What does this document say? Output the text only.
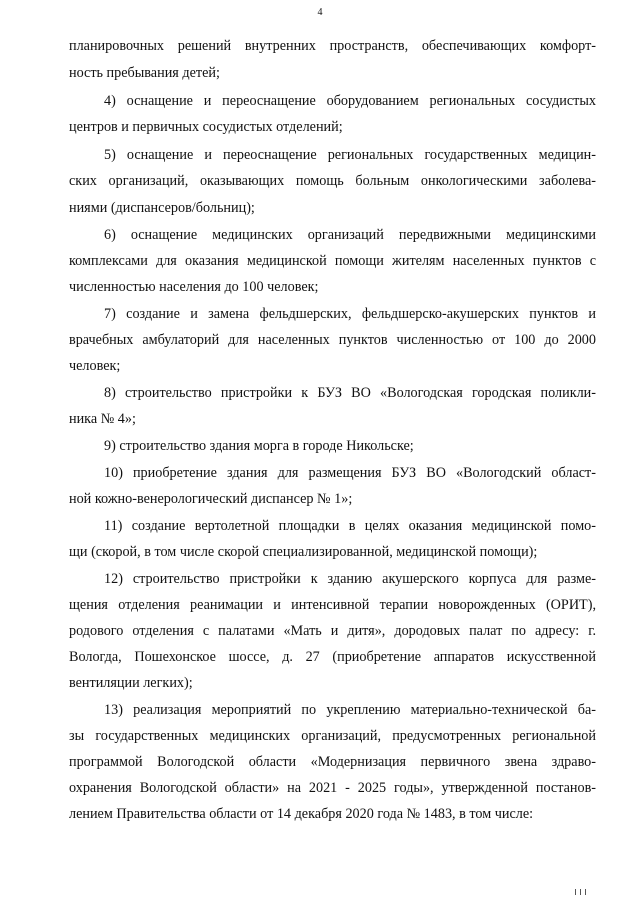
4
планировочных решений внутренних пространств, обеспечивающих комфорт-
ность пребывания детей;
4) оснащение и переоснащение оборудованием региональных сосудистых
центров и первичных сосудистых отделений;
5) оснащение и переоснащение региональных государственных медицин-
ских организаций, оказывающих помощь больным онкологическими заболева-
ниями (диспансеров/больниц);
6) оснащение медицинских организаций передвижными медицинскими
комплексами для оказания медицинской помощи жителям населенных пунктов с
численностью населения до 100 человек;
7) создание и замена фельдшерских, фельдшерско-акушерских пунктов и
врачебных амбулаторий для населенных пунктов численностью от 100 до 2000
человек;
8) строительство пристройки к БУЗ ВО «Вологодская городская поликли-
ника № 4»;
9) строительство здания морга в городе Никольске;
10) приобретение здания для размещения БУЗ ВО «Вологодский област-
ной кожно-венерологический диспансер № 1»;
11) создание вертолетной площадки в целях оказания медицинской помо-
щи (скорой, в том числе скорой специализированной, медицинской помощи);
12) строительство пристройки к зданию акушерского корпуса для разме-
щения отделения реанимации и интенсивной терапии новорожденных (ОРИТ),
родового отделения с палатами «Мать и дитя», дородовых палат по адресу: г.
Вологда, Пошехонское шоссе, д. 27 (приобретение аппаратов искусственной
вентиляции легких);
13) реализация мероприятий по укреплению материально-технической ба-
зы государственных медицинских организаций, предусмотренных региональной
программой Вологодской области «Модернизация первичного звена здраво-
охранения Вологодской области» на 2021 - 2025 годы», утвержденной постанов-
лением Правительства области от 14 декабря 2020 года № 1483, в том числе:
